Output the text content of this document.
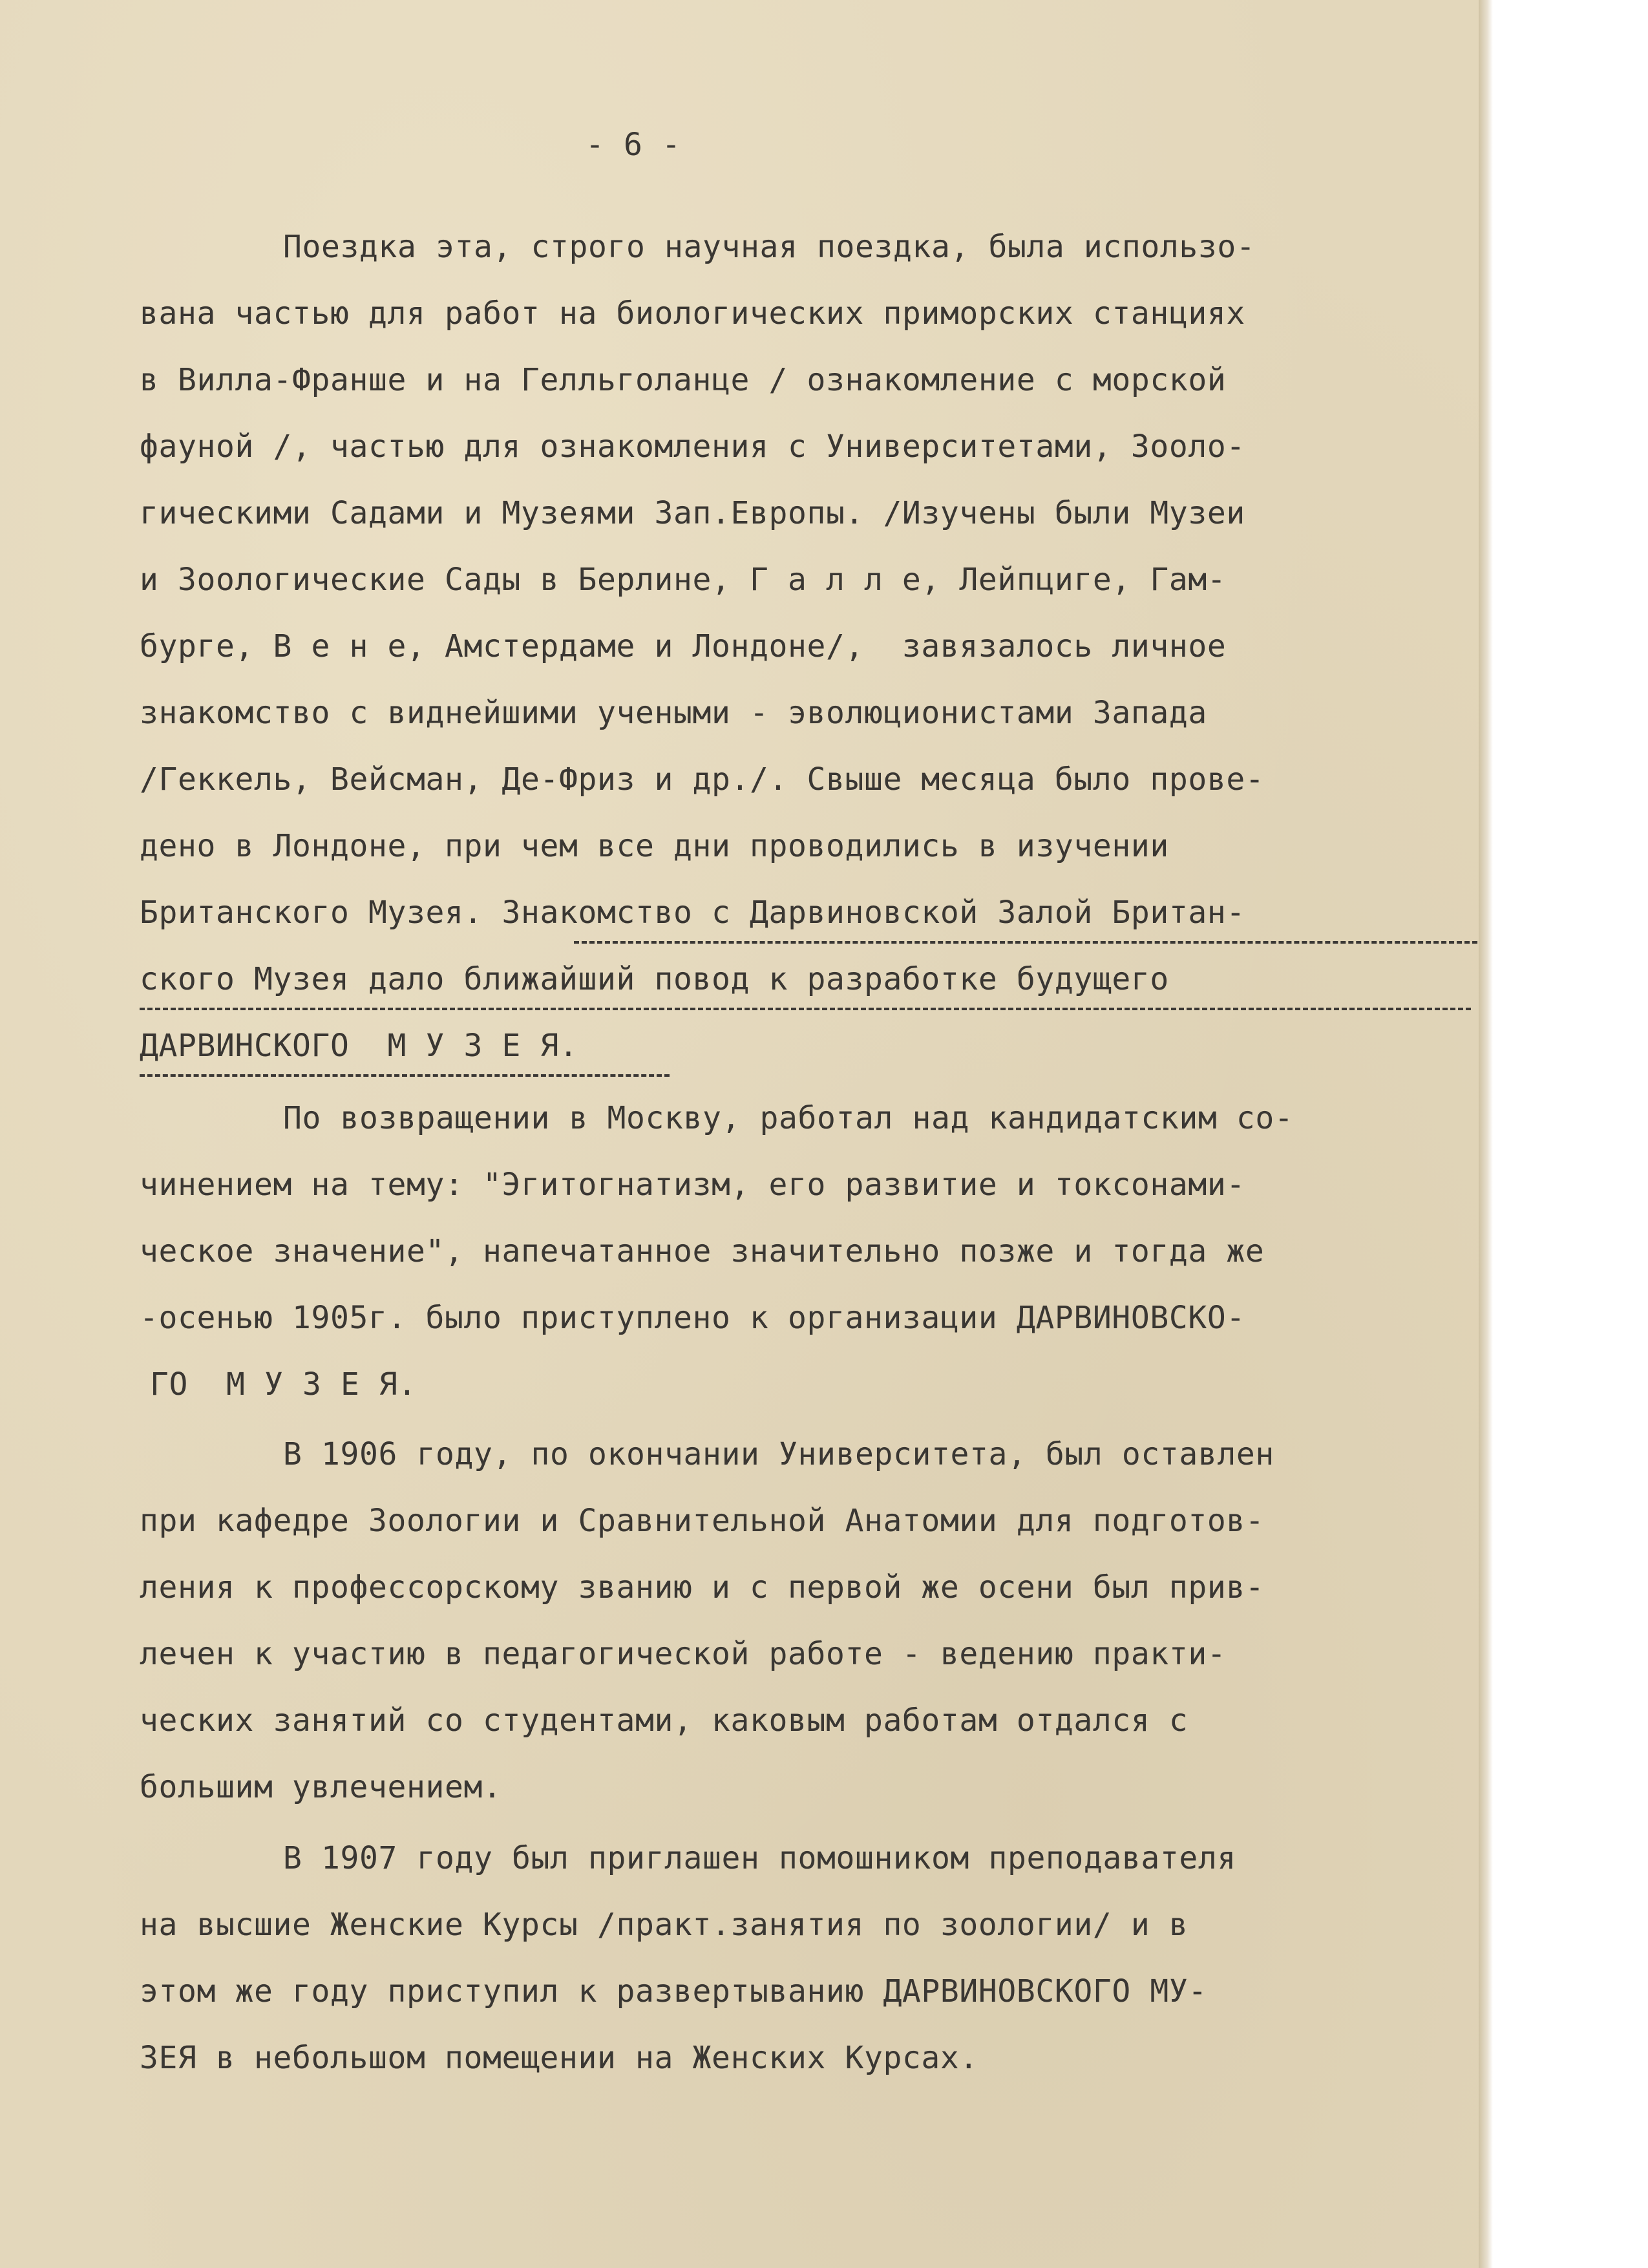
- 6 -
Поездка эта, строго научная поездка, была использо-
вана частью для работ на биологических приморских станциях
в Вилла-Франше и на Гелльголанце / ознакомление с морской
фауной /, частью для ознакомления с Университетами, Зооло-
гическими Садами и Музеями Зап.Европы. /Изучены были Музеи
и Зоологические Сады в Берлине, Г а л л е, Лейпциге, Гам-
бурге, В е н е, Амстердаме и Лондоне/,  завязалось личное
знакомство с виднейшими учеными - эволюционистами Запада
/Геккель, Вейсман, Де-Фриз и др./. Свыше месяца было прове-
дено в Лондоне, при чем все дни проводились в изучении
Британского Музея. Знакомство с Дарвиновской Залой Британ-
ского Музея дало ближайший повод к разработке будущего
ДАРВИНСКОГО  М У З Е Я.
По возвращении в Москву, работал над кандидатским со-
чинением на тему: "Эгитогнатизм, его развитие и токсонами-
ческое значение", напечатанное значительно позже и тогда же
-осенью 1905г. было приступлено к организации ДАРВИНОВСКО-
ГО  М У З Е Я.
В 1906 году, по окончании Университета, был оставлен
при кафедре Зоологии и Сравнительной Анатомии для подготов-
ления к профессорскому званию и с первой же осени был прив-
лечен к участию в педагогической работе - ведению практи-
ческих занятий со студентами, каковым работам отдался с
большим увлечением.
В 1907 году был приглашен помошником преподавателя
на высшие Женские Курсы /практ.занятия по зоологии/ и в
этом же году приступил к развертыванию ДАРВИНОВСКОГО МУ-
ЗЕЯ в небольшом помещении на Женских Курсах.
